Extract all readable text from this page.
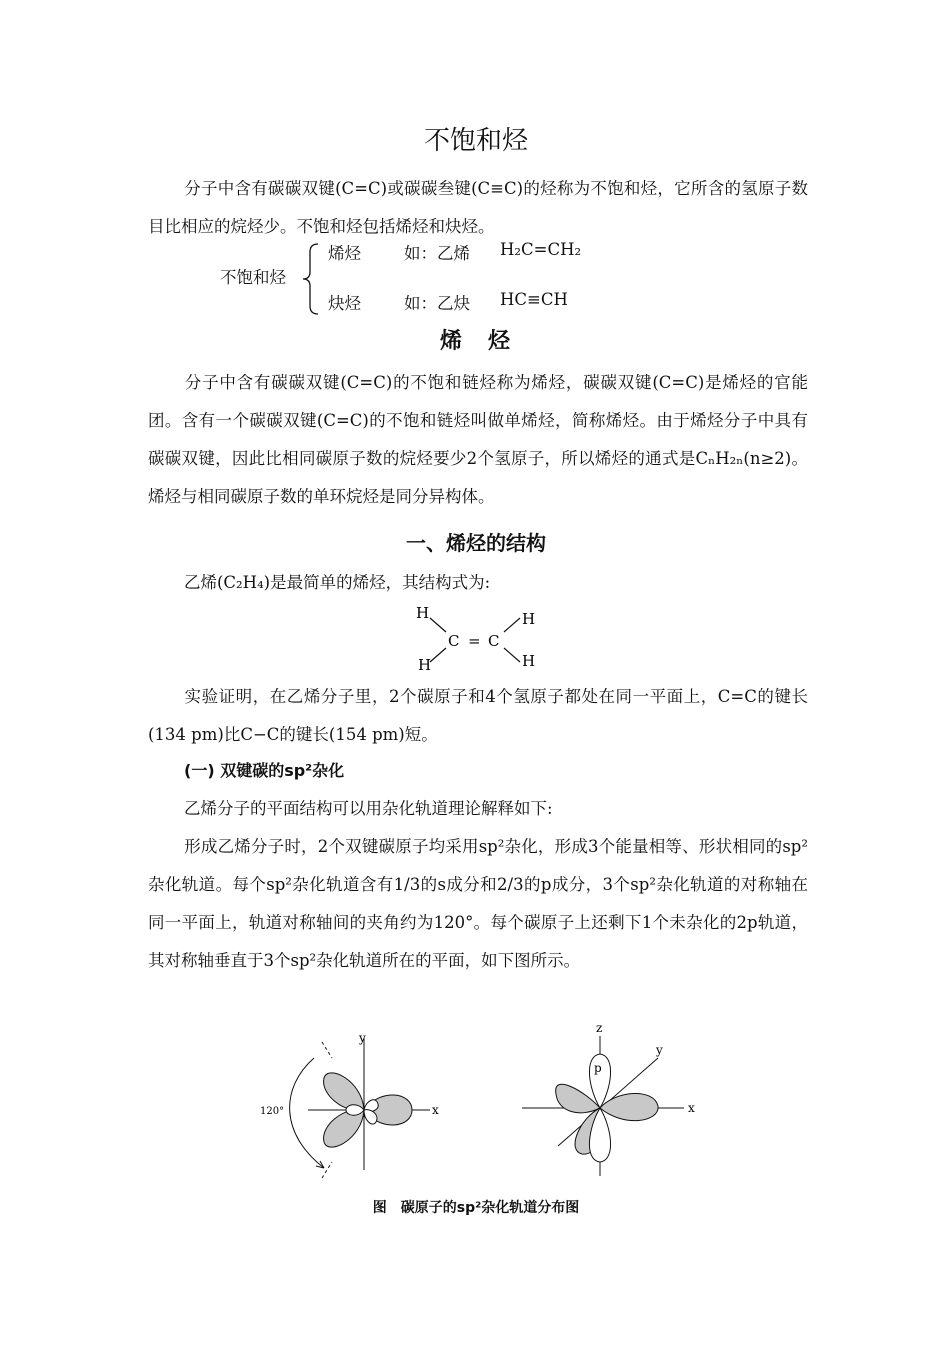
不饱和烃
分子中含有碳碳双键(C=C)或碳碳叁键(C≡C)的烃称为不饱和烃，它所含的氢原子数目比相应的烷烃少。不饱和烃包括烯烃和炔烃。
不饱和烃
烯烃	如：乙烯 H₂C=CH₂
炔烃	如：乙炔 HC≡CH
烯　烃
分子中含有碳碳双键(C=C)的不饱和链烃称为烯烃，碳碳双键(C=C)是烯烃的官能团。含有一个碳碳双键(C=C)的不饱和链烃叫做单烯烃，简称烯烃。由于烯烃分子中具有碳碳双键，因此比相同碳原子数的烷烃要少2个氢原子，所以烯烃的通式是CₙH₂ₙ(n≥2)。烯烃与相同碳原子数的单环烷烃是同分异构体。
一、烯烃的结构
乙烯(C₂H₄)是最简单的烯烃，其结构式为:
H	H
C = C
H	H
实验证明，在乙烯分子里，2个碳原子和4个氢原子都处在同一平面上，C=C的键长(134 pm)比C−C的键长(154 pm)短。
(一) 双键碳的sp²杂化
乙烯分子的平面结构可以用杂化轨道理论解释如下:
形成乙烯分子时，2个双键碳原子均采用sp²杂化，形成3个能量相等、形状相同的sp²杂化轨道。每个sp²杂化轨道含有1/3的s成分和2/3的p成分，3个sp²杂化轨道的对称轴在同一平面上，轨道对称轴间的夹角约为120°。每个碳原子上还剩下1个未杂化的2p轨道，其对称轴垂直于3个sp²杂化轨道所在的平面，如下图所示。
y
x
120°
z
y
x
p
图　碳原子的sp²杂化轨道分布图
